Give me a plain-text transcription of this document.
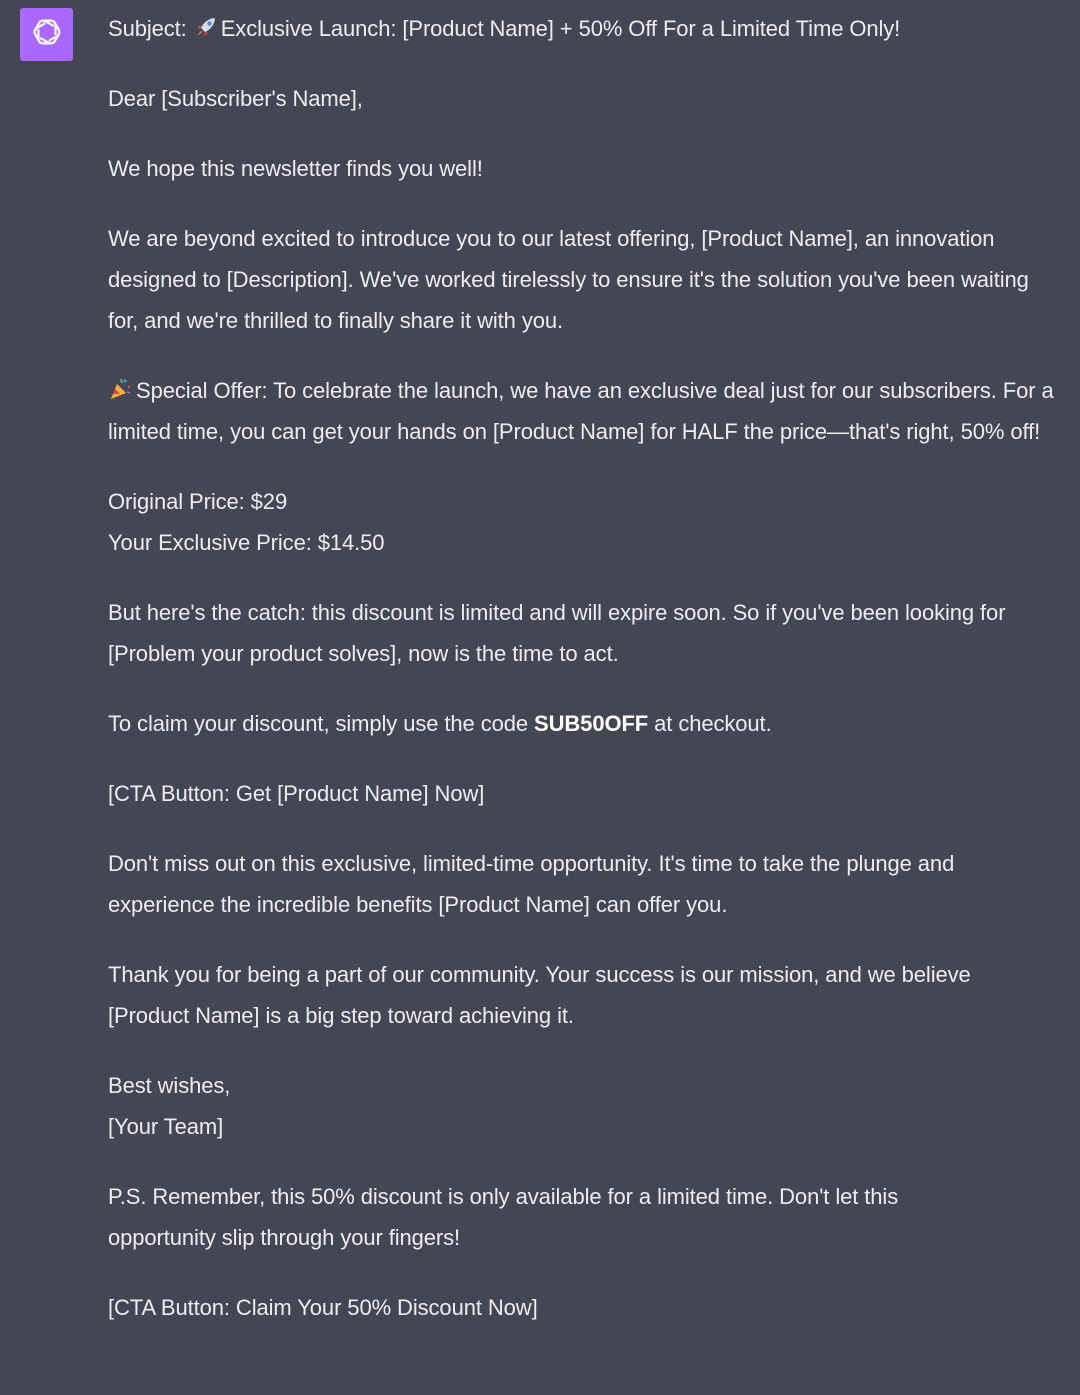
Subject: Exclusive Launch: [Product Name] + 50% Off For a Limited Time Only!

Dear [Subscriber's Name],

We hope this newsletter finds you well!

We are beyond excited to introduce you to our latest offering, [Product Name], an innovation designed to [Description]. We've worked tirelessly to ensure it's the solution you've been waiting for, and we're thrilled to finally share it with you.

Special Offer: To celebrate the launch, we have an exclusive deal just for our subscribers. For a limited time, you can get your hands on [Product Name] for HALF the price—that's right, 50% off!

Original Price: $29
Your Exclusive Price: $14.50

But here's the catch: this discount is limited and will expire soon. So if you've been looking for [Problem your product solves], now is the time to act.

To claim your discount, simply use the code SUB50OFF at checkout.

[CTA Button: Get [Product Name] Now]

Don't miss out on this exclusive, limited-time opportunity. It's time to take the plunge and experience the incredible benefits [Product Name] can offer you.

Thank you for being a part of our community. Your success is our mission, and we believe [Product Name] is a big step toward achieving it.

Best wishes,
[Your Team]

P.S. Remember, this 50% discount is only available for a limited time. Don't let this opportunity slip through your fingers!

[CTA Button: Claim Your 50% Discount Now]
